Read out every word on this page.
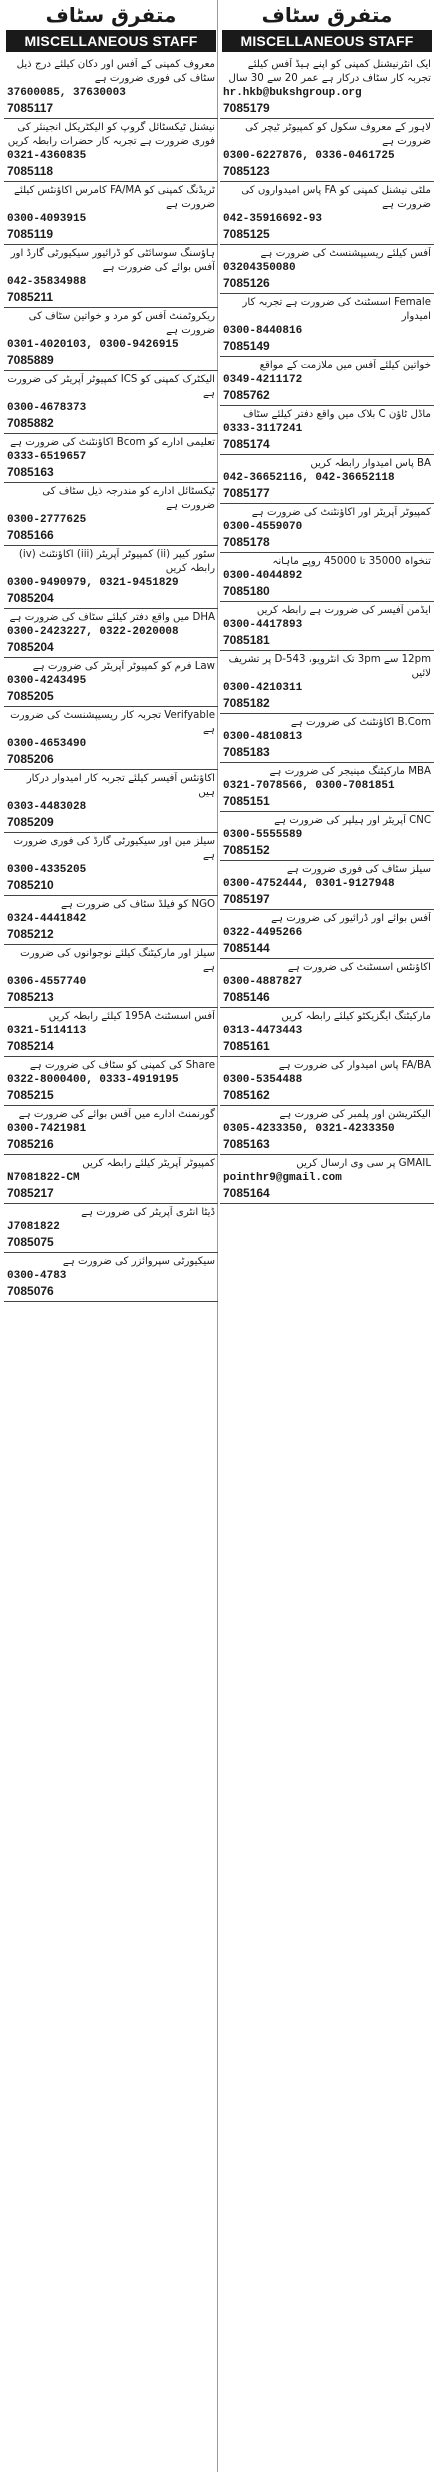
متفرق سٹاف
MISCELLANEOUS STAFF
معروف کمپنی کے آفس اور دکان کیلئے درج ذیل سٹاف کی فوری ضرورت ہے
37600085, 37630003
7085117
نیشنل ٹیکسٹائل گروپ کو الیکٹریکل انجینئر کی فوری ضرورت ہے تجربہ کار حضرات رابطہ کریں
0321-4360835
7085118
ٹریڈنگ کمپنی کو FA/MA کامرس اکاؤنٹس کیلئے ضرورت ہے
0300-4093915
7085119
ہاؤسنگ سوسائٹی کو ڈرائیور سیکیورٹی گارڈ اور آفس بوائے کی ضرورت ہے
042-35834988
7085211
ریکروٹمنٹ آفس کو مرد و خواتین سٹاف کی ضرورت ہے
0301-4020103, 0300-9426915
7085889
الیکٹرک کمپنی کو ICS کمپیوٹر آپریٹر کی ضرورت ہے
0300-4678373
7085882
تعلیمی ادارے کو Bcom اکاؤنٹنٹ کی ضرورت ہے
0333-6519657
7085163
ٹیکسٹائل ادارے کو مندرجہ ذیل سٹاف کی ضرورت ہے
0300-2777625
7085166
سٹور کیپر (ii) کمپیوٹر آپریٹر (iii) اکاؤنٹنٹ (iv) رابطہ کریں
0300-9490979, 0321-9451829
7085204
DHA میں واقع دفتر کیلئے سٹاف کی ضرورت ہے
0300-2423227, 0322-2020008
7085204
Law فرم کو کمپیوٹر آپریٹر کی ضرورت ہے
0300-4243495
7085205
Verifyable تجربہ کار ریسیپشنسٹ کی ضرورت ہے
0300-4653490
7085206
اکاؤنٹس آفیسر کیلئے تجربہ کار امیدوار درکار ہیں
0303-4483028
7085209
سیلز مین اور سیکیورٹی گارڈ کی فوری ضرورت ہے
0300-4335205
7085210
NGO کو فیلڈ سٹاف کی ضرورت ہے
0324-4441842
7085212
سیلز اور مارکیٹنگ کیلئے نوجوانوں کی ضرورت ہے
0306-4557740
7085213
آفس اسسٹنٹ 195A کیلئے رابطہ کریں
0321-5114113
7085214
Share کی کمپنی کو سٹاف کی ضرورت ہے
0322-8000400, 0333-4919195
7085215
گورنمنٹ ادارے میں آفس بوائے کی ضرورت ہے
0300-7421981
7085216
کمپیوٹر آپریٹر کیلئے رابطہ کریں
N7081822-CM
7085217
ڈیٹا انٹری آپریٹر کی ضرورت ہے
J7081822
7085075
سیکیورٹی سپروائزر کی ضرورت ہے
0300-4783
7085076
متفرق سٹاف
MISCELLANEOUS STAFF
ایک انٹرنیشنل کمپنی کو اپنے ہیڈ آفس کیلئے تجربہ کار سٹاف درکار ہے عمر 20 سے 30 سال
hr.hkb@bukshgroup.org
7085179
لاہور کے معروف سکول کو کمپیوٹر ٹیچر کی ضرورت ہے
0300-6227876, 0336-0461725
7085123
ملٹی نیشنل کمپنی کو FA پاس امیدواروں کی ضرورت ہے
042-35916692-93
7085125
آفس کیلئے ریسیپشنسٹ کی ضرورت ہے
03204350080
7085126
Female اسسٹنٹ کی ضرورت ہے تجربہ کار امیدوار
0300-8440816
7085149
خواتین کیلئے آفس میں ملازمت کے مواقع
0349-4211172
7085762
ماڈل ٹاؤن C بلاک میں واقع دفتر کیلئے سٹاف
0333-3117241
7085174
BA پاس امیدوار رابطہ کریں
042-36652116, 042-36652118
7085177
کمپیوٹر آپریٹر اور اکاؤنٹنٹ کی ضرورت ہے
0300-4559070
7085178
تنخواہ 35000 تا 45000 روپے ماہانہ
0300-4044892
7085180
ایڈمن آفیسر کی ضرورت ہے رابطہ کریں
0300-4417893
7085181
12pm سے 3pm تک انٹرویو، 543-D پر تشریف لائیں
0300-4210311
7085182
B.Com اکاؤنٹنٹ کی ضرورت ہے
0300-4810813
7085183
MBA مارکیٹنگ مینیجر کی ضرورت ہے
0321-7078566, 0300-7081851
7085151
CNC آپریٹر اور ہیلپر کی ضرورت ہے
0300-5555589
7085152
سیلز سٹاف کی فوری ضرورت ہے
0300-4752444, 0301-9127948
7085197
آفس بوائے اور ڈرائیور کی ضرورت ہے
0322-4495266
7085144
اکاؤنٹس اسسٹنٹ کی ضرورت ہے
0300-4887827
7085146
مارکیٹنگ ایگزیکٹو کیلئے رابطہ کریں
0313-4473443
7085161
FA/BA پاس امیدوار کی ضرورت ہے
0300-5354488
7085162
الیکٹریشن اور پلمبر کی ضرورت ہے
0305-4233350, 0321-4233350
7085163
GMAIL پر سی وی ارسال کریں
pointhr9@gmail.com
7085164
